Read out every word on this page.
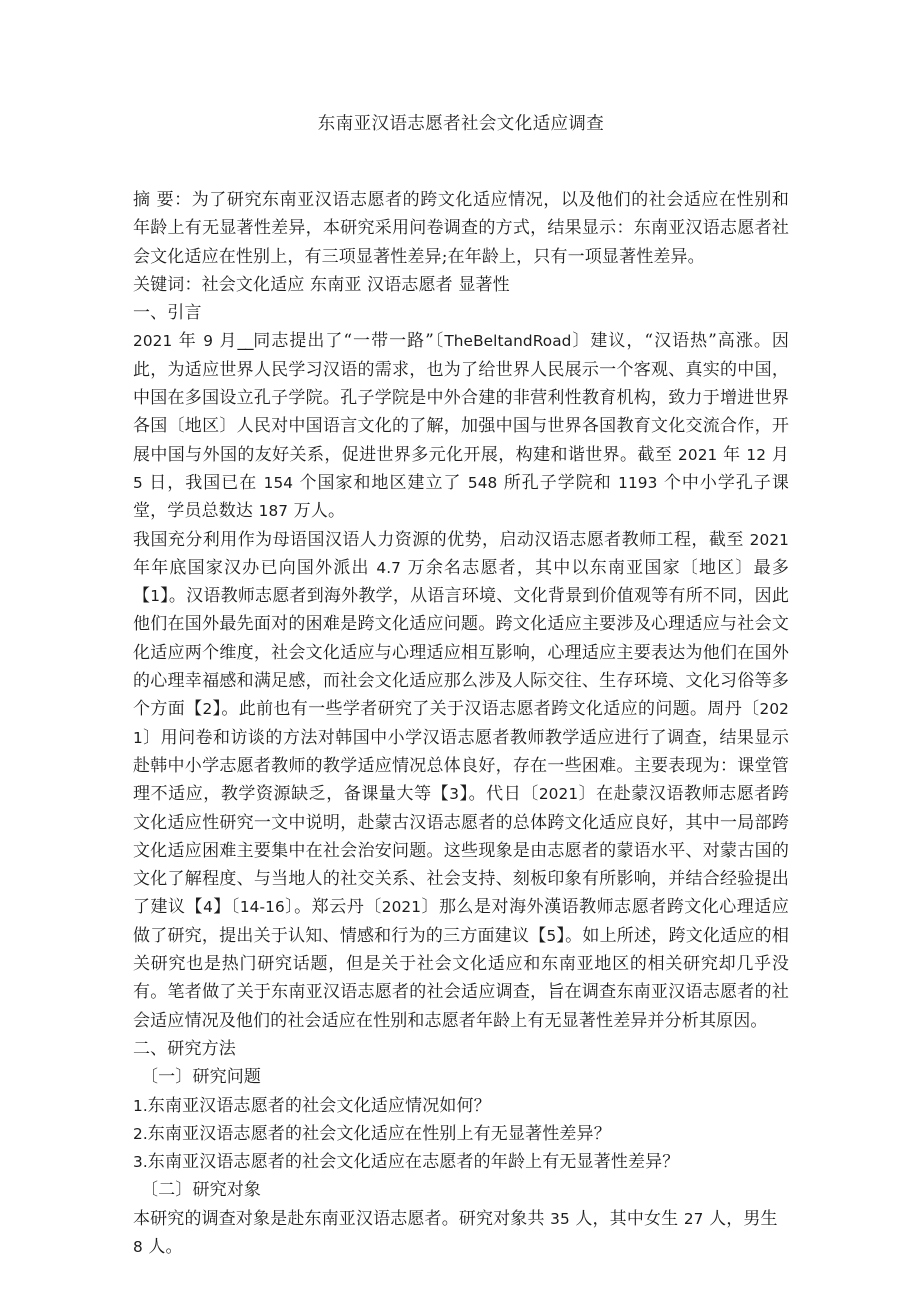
东南亚汉语志愿者社会文化适应调查

摘 要：为了研究东南亚汉语志愿者的跨文化适应情况，以及他们的社会适应在性别和年龄上有无显著性差异，本研究采用问卷调查的方式，结果显示：东南亚汉语志愿者社会文化适应在性别上，有三项显著性差异;在年龄上，只有一项显著性差异。

关键词：社会文化适应 东南亚 汉语志愿者 显著性

一、引言

2021 年 9 月__同志提出了“一带一路”〔TheBeltandRoad〕建议，“汉语热”高涨。因此，为适应世界人民学习汉语的需求，也为了给世界人民展示一个客观、真实的中国，中国在多国设立孔子学院。孔子学院是中外合建的非营利性教育机构，致力于增进世界各国〔地区〕人民对中国语言文化的了解，加强中国与世界各国教育文化交流合作，开展中国与外国的友好关系，促进世界多元化开展，构建和谐世界。截至 2021 年 12 月 5 日，我国已在 154 个国家和地区建立了 548 所孔子学院和 1193 个中小学孔子课堂，学员总数达 187 万人。

我国充分利用作为母语国汉语人力资源的优势，启动汉语志愿者教师工程，截至 2021 年年底国家汉办已向国外派出 4.7 万余名志愿者，其中以东南亚国家〔地区〕最多【1】。汉语教师志愿者到海外教学，从语言环境、文化背景到价值观等有所不同，因此他们在国外最先面对的困难是跨文化适应问题。跨文化适应主要涉及心理适应与社会文化适应两个维度，社会文化适应与心理适应相互影响，心理适应主要表达为他们在国外的心理幸福感和满足感，而社会文化适应那么涉及人际交往、生存环境、文化习俗等多个方面【2】。此前也有一些学者研究了关于汉语志愿者跨文化适应的问题。周丹〔2021〕用问卷和访谈的方法对韩国中小学汉语志愿者教师教学适应进行了调查，结果显示赴韩中小学志愿者教师的教学适应情况总体良好，存在一些困难。主要表现为：课堂管理不适应，教学资源缺乏，备课量大等【3】。代日〔2021〕在赴蒙汉语教师志愿者跨文化适应性研究一文中说明，赴蒙古汉语志愿者的总体跨文化适应良好，其中一局部跨文化适应困难主要集中在社会治安问题。这些现象是由志愿者的蒙语水平、对蒙古国的文化了解程度、与当地人的社交关系、社会支持、刻板印象有所影响，并结合经验提出了建议【4】〔14-16〕。郑云丹〔2021〕那么是对海外漢语教师志愿者跨文化心理适应做了研究，提出关于认知、情感和行为的三方面建议【5】。如上所述，跨文化适应的相关研究也是热门研究话题，但是关于社会文化适应和东南亚地区的相关研究却几乎没有。笔者做了关于东南亚汉语志愿者的社会适应调查，旨在调查东南亚汉语志愿者的社会适应情况及他们的社会适应在性别和志愿者年龄上有无显著性差异并分析其原因。

二、研究方法

〔一〕研究问题

1.东南亚汉语志愿者的社会文化适应情况如何？

2.东南亚汉语志愿者的社会文化适应在性别上有无显著性差异？

3.东南亚汉语志愿者的社会文化适应在志愿者的年龄上有无显著性差异？

〔二〕研究对象

本研究的调查对象是赴东南亚汉语志愿者。研究对象共 35 人，其中女生 27 人，男生 8 人。
